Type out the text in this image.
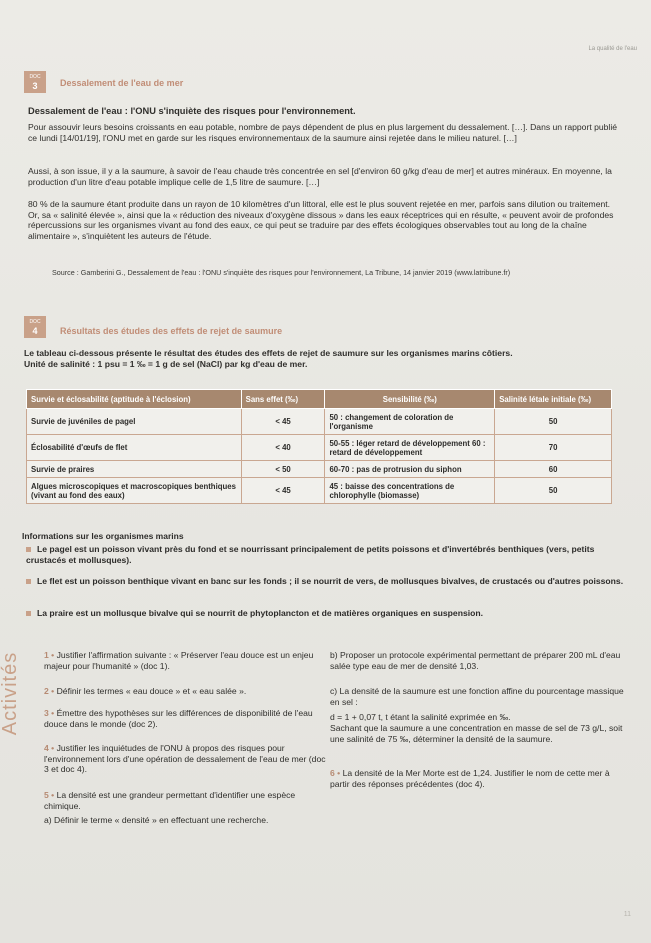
La qualité de l'eau
DOC
3	Dessalement de l'eau de mer
Dessalement de l'eau : l'ONU s'inquiète des risques pour l'environnement.
Pour assouvir leurs besoins croissants en eau potable, nombre de pays dépendent de plus en plus largement du dessalement. […]. Dans un rapport publié ce lundi [14/01/19], l'ONU met en garde sur les risques environnementaux de la saumure ainsi rejetée dans le milieu naturel. […]
Aussi, à son issue, il y a la saumure, à savoir de l'eau chaude très concentrée en sel [d'environ 60 g/kg d'eau de mer] et autres minéraux. En moyenne, la production d'un litre d'eau potable implique celle de 1,5 litre de saumure. […]
80 % de la saumure étant produite dans un rayon de 10 kilomètres d'un littoral, elle est le plus souvent rejetée en mer, parfois sans dilution ou traitement. Or, sa « salinité élevée », ainsi que la « réduction des niveaux d'oxygène dissous » dans les eaux réceptrices qui en résulte, « peuvent avoir de profondes répercussions sur les organismes vivant au fond des eaux, ce qui peut se traduire par des effets écologiques observables tout au long de la chaîne alimentaire », s'inquiètent les auteurs de l'étude.
Source : Gamberini G., Dessalement de l'eau : l'ONU s'inquiète des risques pour l'environnement, La Tribune, 14 janvier 2019 (www.latribune.fr)
DOC
4	Résultats des études des effets de rejet de saumure
Le tableau ci-dessous présente le résultat des études des effets de rejet de saumure sur les organismes marins côtiers.
Unité de salinité : 1 psu = 1 ‰ = 1 g de sel (NaCl) par kg d'eau de mer.
Survie et éclosabilité (aptitude à l'éclosion)	Sans effet (‰)	Sensibilité (‰)	Salinité létale initiale (‰)
Survie de juvéniles de pagel	< 45	50 : changement de coloration de l'organisme	50
Éclosabilité d'œufs de flet	< 40	50-55 : léger retard de développement 60 : retard de développement	70
Survie de praires	< 50	60-70 : pas de protrusion du siphon	60
Algues microscopiques et macroscopiques benthiques (vivant au fond des eaux)	< 45	45 : baisse des concentrations de chlorophylle (biomasse)	50
Informations sur les organismes marins
Le pagel est un poisson vivant près du fond et se nourrissant principalement de petits poissons et d'invertébrés benthiques (vers, petits crustacés et mollusques).
Le flet est un poisson benthique vivant en banc sur les fonds ; il se nourrit de vers, de mollusques bivalves, de crustacés ou d'autres poissons.
La praire est un mollusque bivalve qui se nourrit de phytoplancton et de matières organiques en suspension.
Activités	1 • Justifier l'affirmation suivante : « Préserver l'eau douce est un enjeu majeur pour l'humanité » (doc 1).
2 • Définir les termes « eau douce » et « eau salée ».
3 • Émettre des hypothèses sur les différences de disponibilité de l'eau douce dans le monde (doc 2).
4 • Justifier les inquiétudes de l'ONU à propos des risques pour l'environnement lors d'une opération de dessalement de l'eau de mer (doc 3 et doc 4).
5 • La densité est une grandeur permettant d'identifier une espèce chimique.
a) Définir le terme « densité » en effectuant une recherche.
b) Proposer un protocole expérimental permettant de préparer 200 mL d'eau salée type eau de mer de densité 1,03.
c) La densité de la saumure est une fonction affine du pourcentage massique en sel :
d = 1 + 0,07 t, t étant la salinité exprimée en ‰.
Sachant que la saumure a une concentration en masse de sel de 73 g/L, soit une salinité de 75 ‰, déterminer la densité de la saumure.
6 • La densité de la Mer Morte est de 1,24. Justifier le nom de cette mer à partir des réponses précédentes (doc 4).
11
